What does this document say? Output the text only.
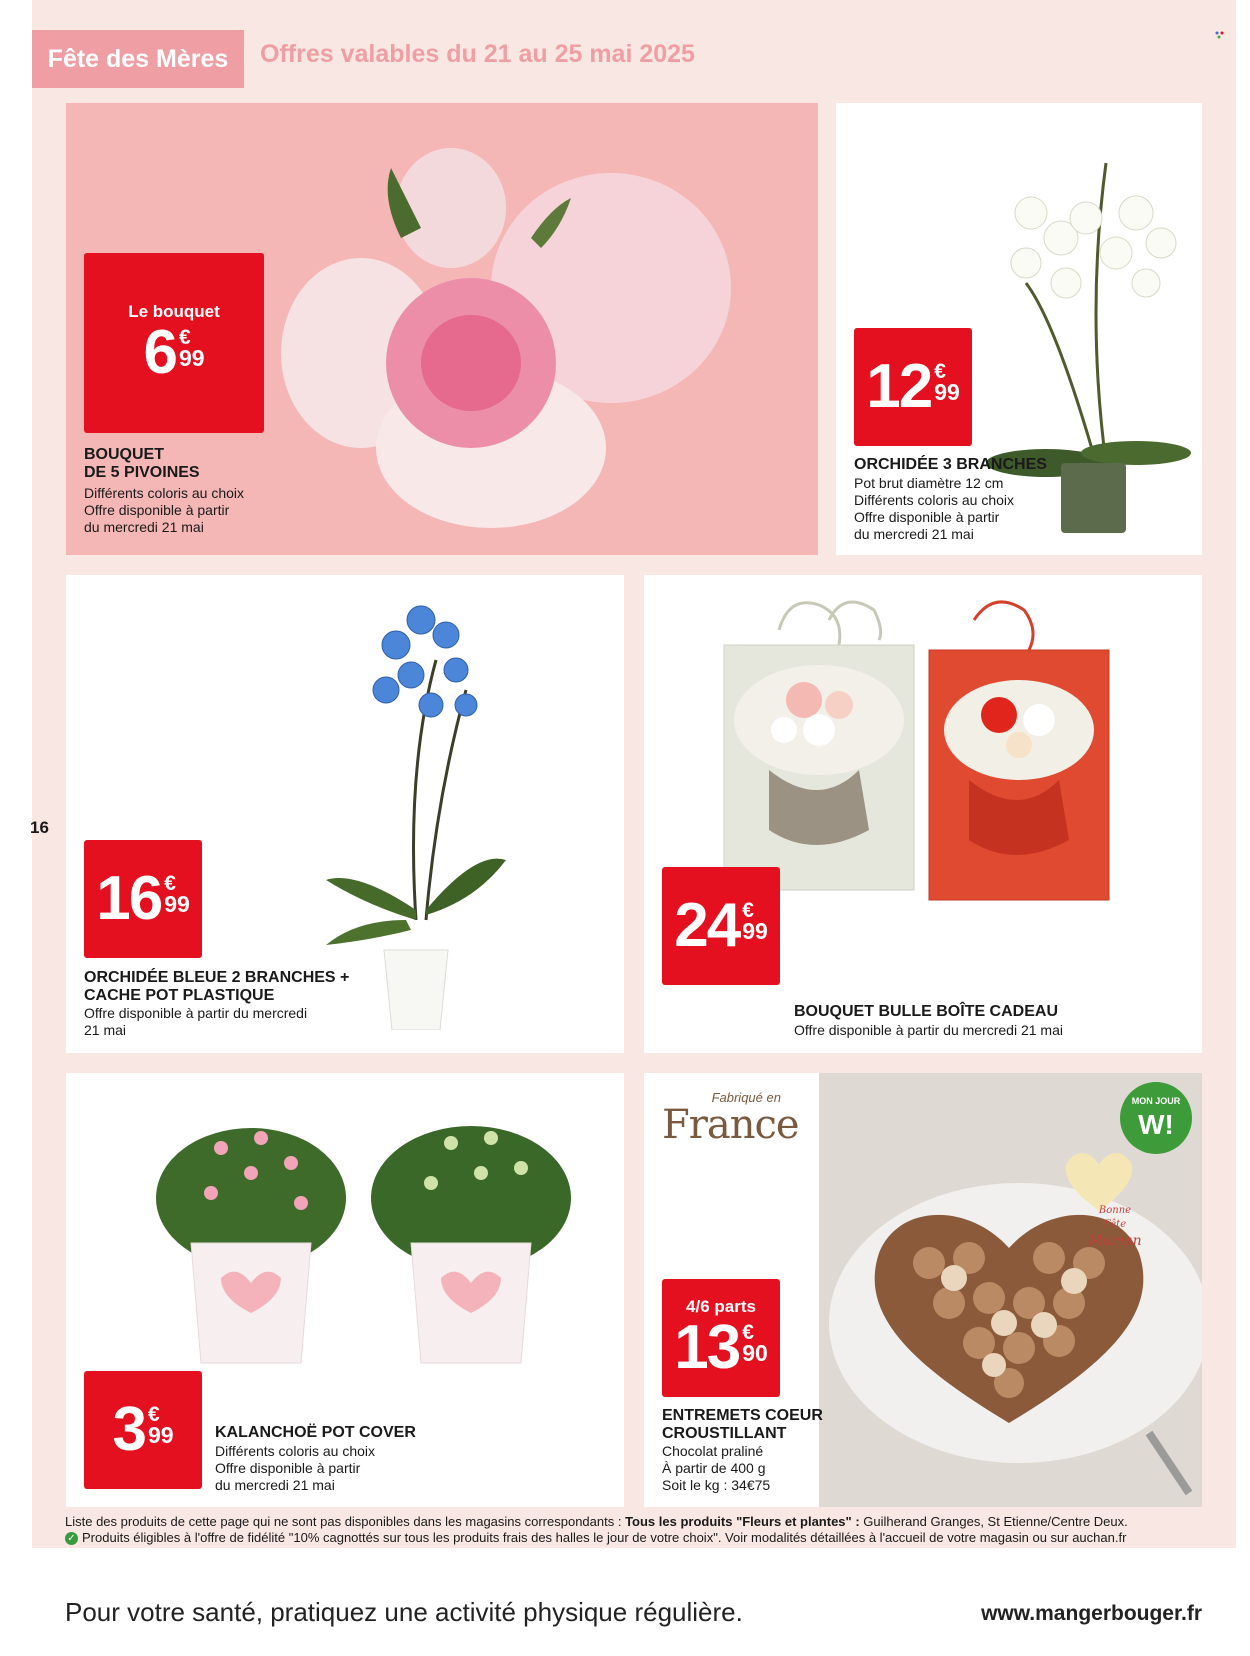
Fête des Mères	Offres valables du 21 au 25 mai 2025
16
Le bouquet
6 €
99
BOUQUET
DE 5 PIVOINES
Différents coloris au choix
Offre disponible à partir
du mercredi 21 mai
12 €
99
ORCHIDÉE 3 BRANCHES
Pot brut diamètre 12 cm
Différents coloris au choix
Offre disponible à partir
du mercredi 21 mai
16 €
99
ORCHIDÉE BLEUE 2 BRANCHES +
CACHE POT PLASTIQUE
Offre disponible à partir du mercredi
21 mai
24 €
99
BOUQUET BULLE BOÎTE CADEAU
Offre disponible à partir du mercredi 21 mai
3 €
99	KALANCHOË POT COVER
Différents coloris au choix
Offre disponible à partir
du mercredi 21 mai
4/6 parts
13 €
90
ENTREMETS COEUR
CROUSTILLANT
Chocolat praliné
À partir de 400 g
Soit le kg : 34€75
Fabriqué en
France
MON JOUR
W!
Bonne
Fête
Maman
Liste des produits de cette page qui ne sont pas disponibles dans les magasins correspondants : Tous les produits "Fleurs et plantes" : Guilherand Granges, St Etienne/Centre Deux.
✓ Produits éligibles à l'offre de fidélité "10% cagnottés sur tous les produits frais des halles le jour de votre choix". Voir modalités détaillées à l'accueil de votre magasin ou sur auchan.fr
Pour votre santé, pratiquez une activité physique régulière.	www.mangerbouger.fr
